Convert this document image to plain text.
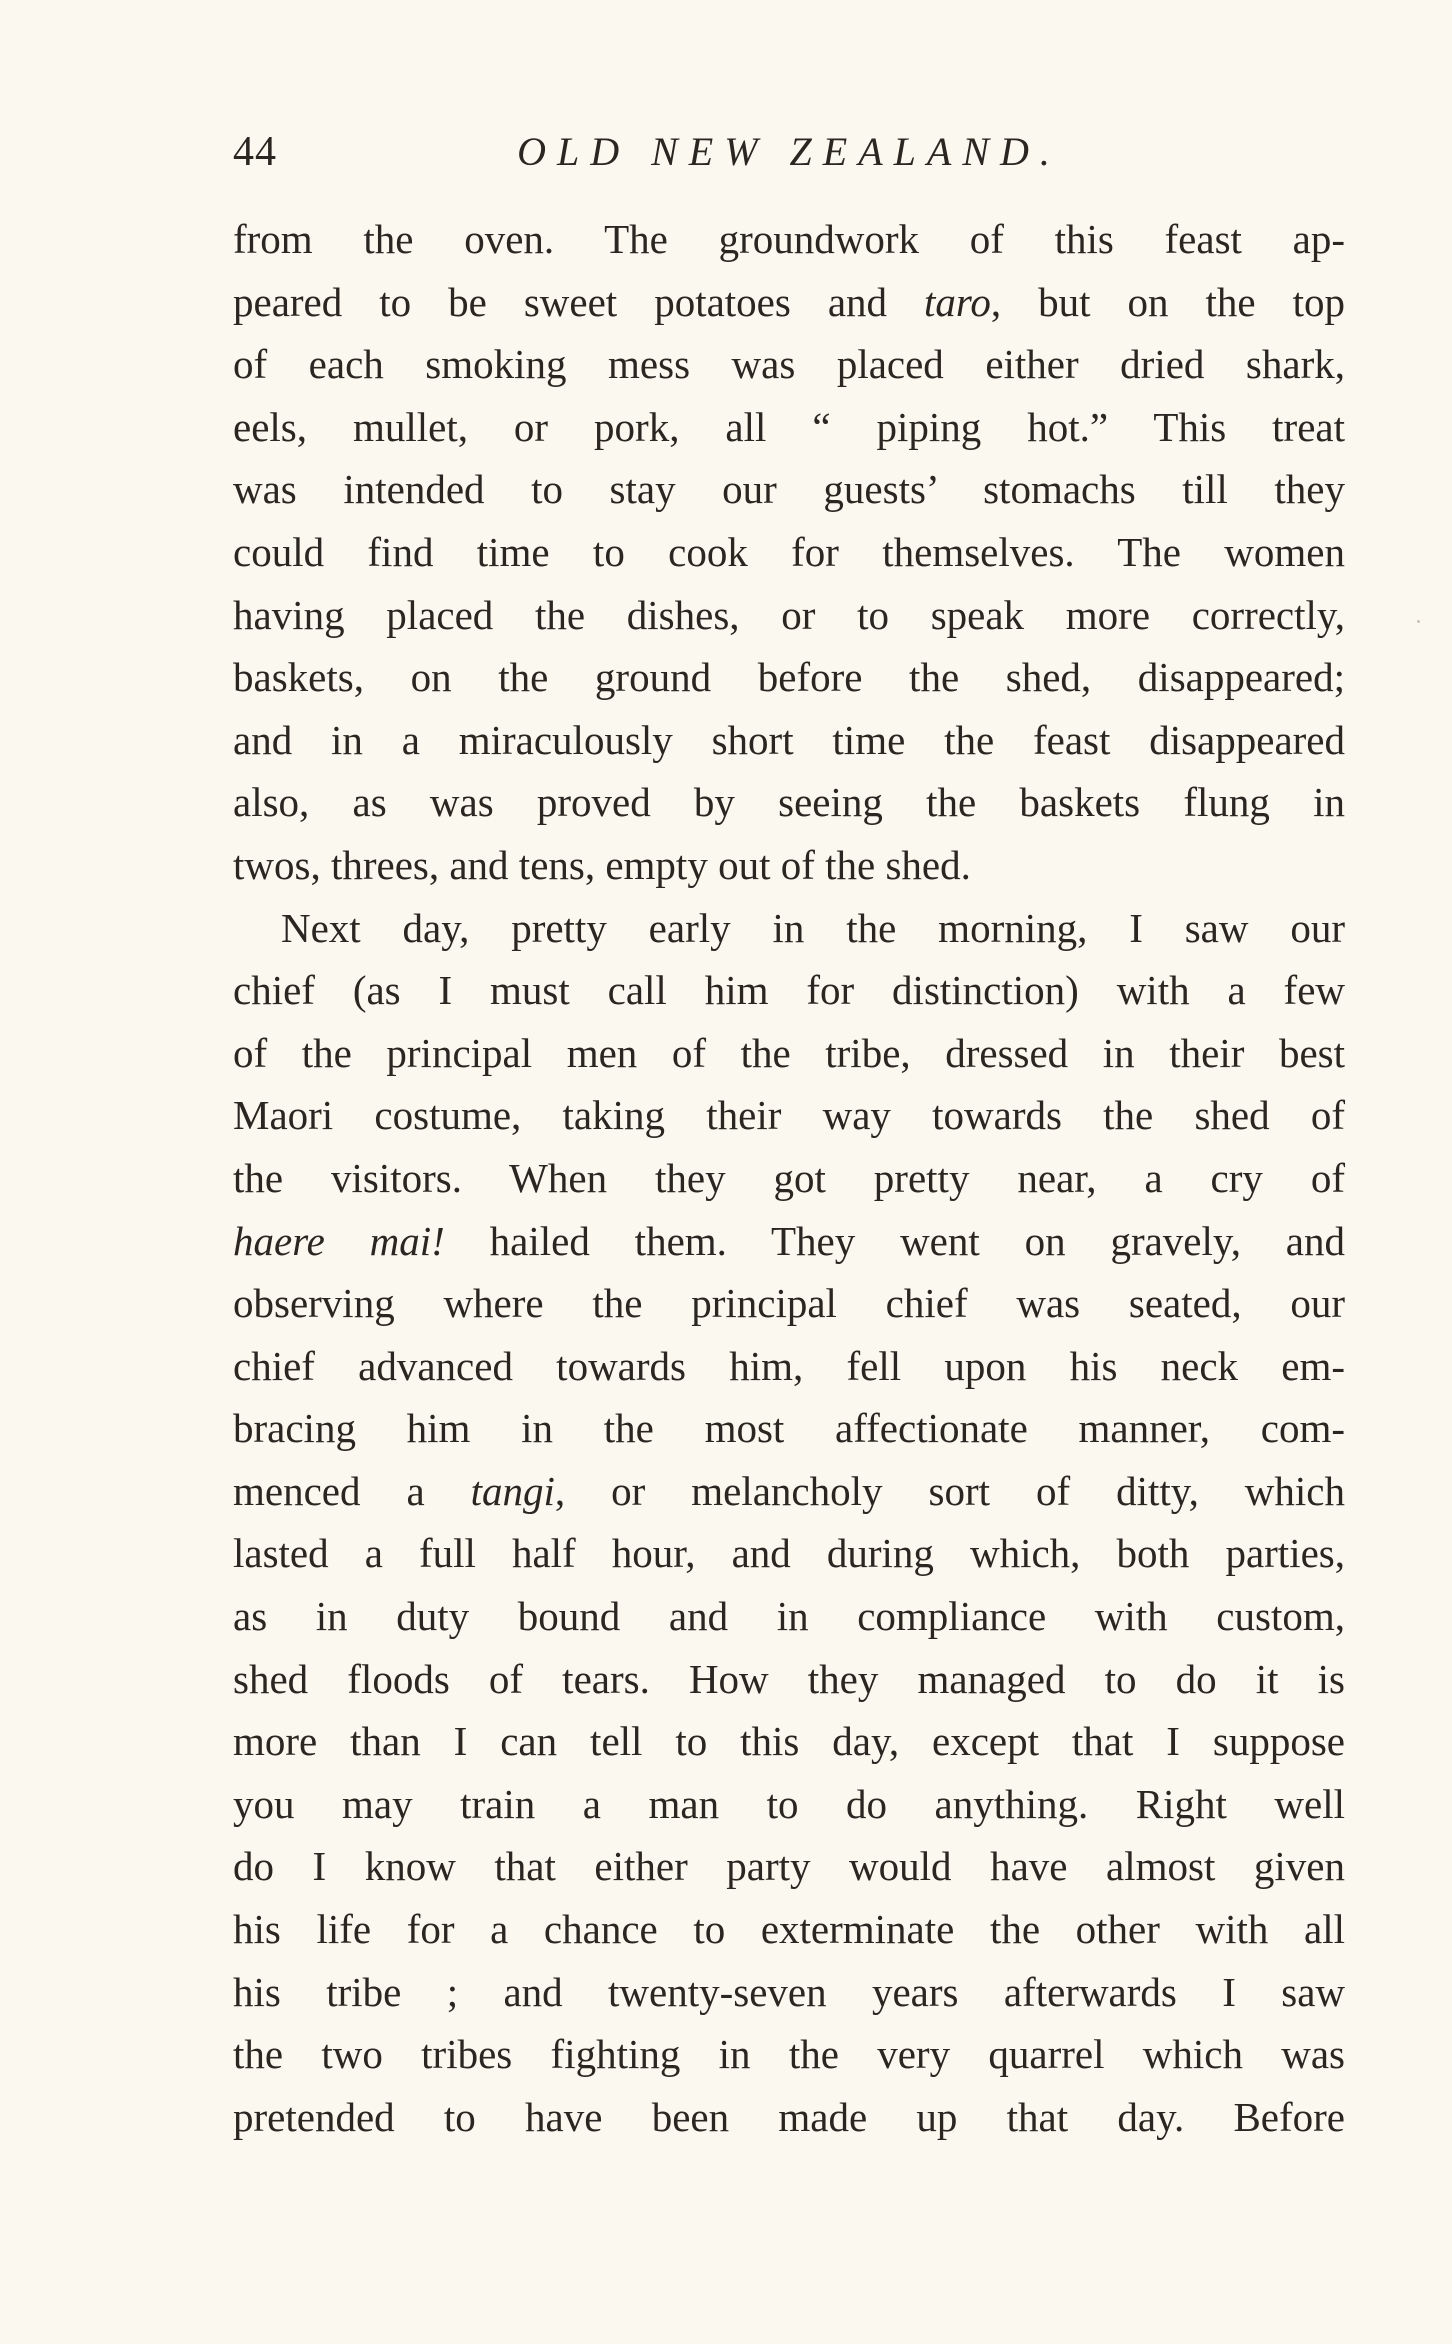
44	OLD NEW ZEALAND.
from the oven. The groundwork of this feast ap-
peared to be sweet potatoes and taro, but on the top
of each smoking mess was placed either dried shark,
eels, mullet, or pork, all “ piping hot.” This treat
was intended to stay our guests’ stomachs till they
could find time to cook for themselves. The women
having placed the dishes, or to speak more correctly,
baskets, on the ground before the shed, disappeared;
and in a miraculously short time the feast disappeared
also, as was proved by seeing the baskets flung in
twos, threes, and tens, empty out of the shed.
Next day, pretty early in the morning, I saw our
chief (as I must call him for distinction) with a few
of the principal men of the tribe, dressed in their best
Maori costume, taking their way towards the shed of
the visitors. When they got pretty near, a cry of
haere mai! hailed them. They went on gravely, and
observing where the principal chief was seated, our
chief advanced towards him, fell upon his neck em-
bracing him in the most affectionate manner, com-
menced a tangi, or melancholy sort of ditty, which
lasted a full half hour, and during which, both parties,
as in duty bound and in compliance with custom,
shed floods of tears. How they managed to do it is
more than I can tell to this day, except that I suppose
you may train a man to do anything. Right well
do I know that either party would have almost given
his life for a chance to exterminate the other with all
his tribe ; and twenty-seven years afterwards I saw
the two tribes fighting in the very quarrel which was
pretended to have been made up that day. Before
